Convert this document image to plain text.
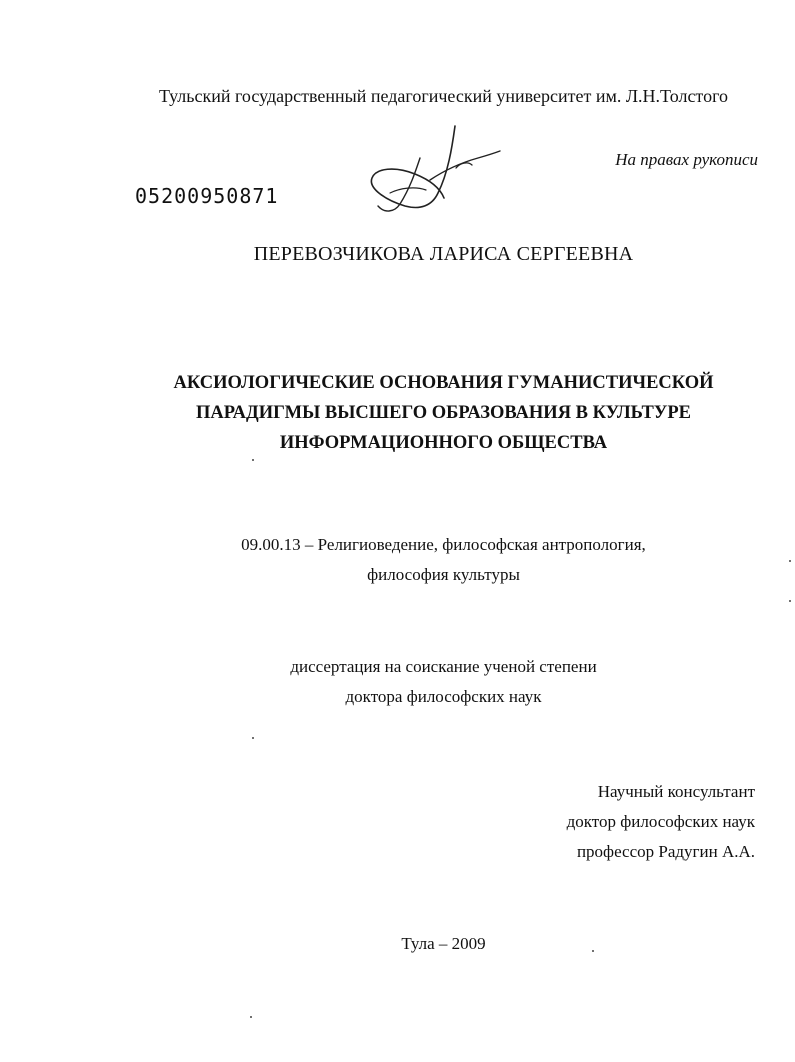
Тульский государственный педагогический университет им. Л.Н.Толстого
На правах рукописи
05200950871
ПЕРЕВОЗЧИКОВА ЛАРИСА СЕРГЕЕВНА
АКСИОЛОГИЧЕСКИЕ ОСНОВАНИЯ ГУМАНИСТИЧЕСКОЙ
ПАРАДИГМЫ ВЫСШЕГО ОБРАЗОВАНИЯ В КУЛЬТУРЕ
ИНФОРМАЦИОННОГО ОБЩЕСТВА
09.00.13 – Религиоведение, философская антропология,
философия культуры
диссертация на соискание ученой степени
доктора философских наук
Научный консультант
доктор философских наук
профессор Радугин А.А.
Тула – 2009
